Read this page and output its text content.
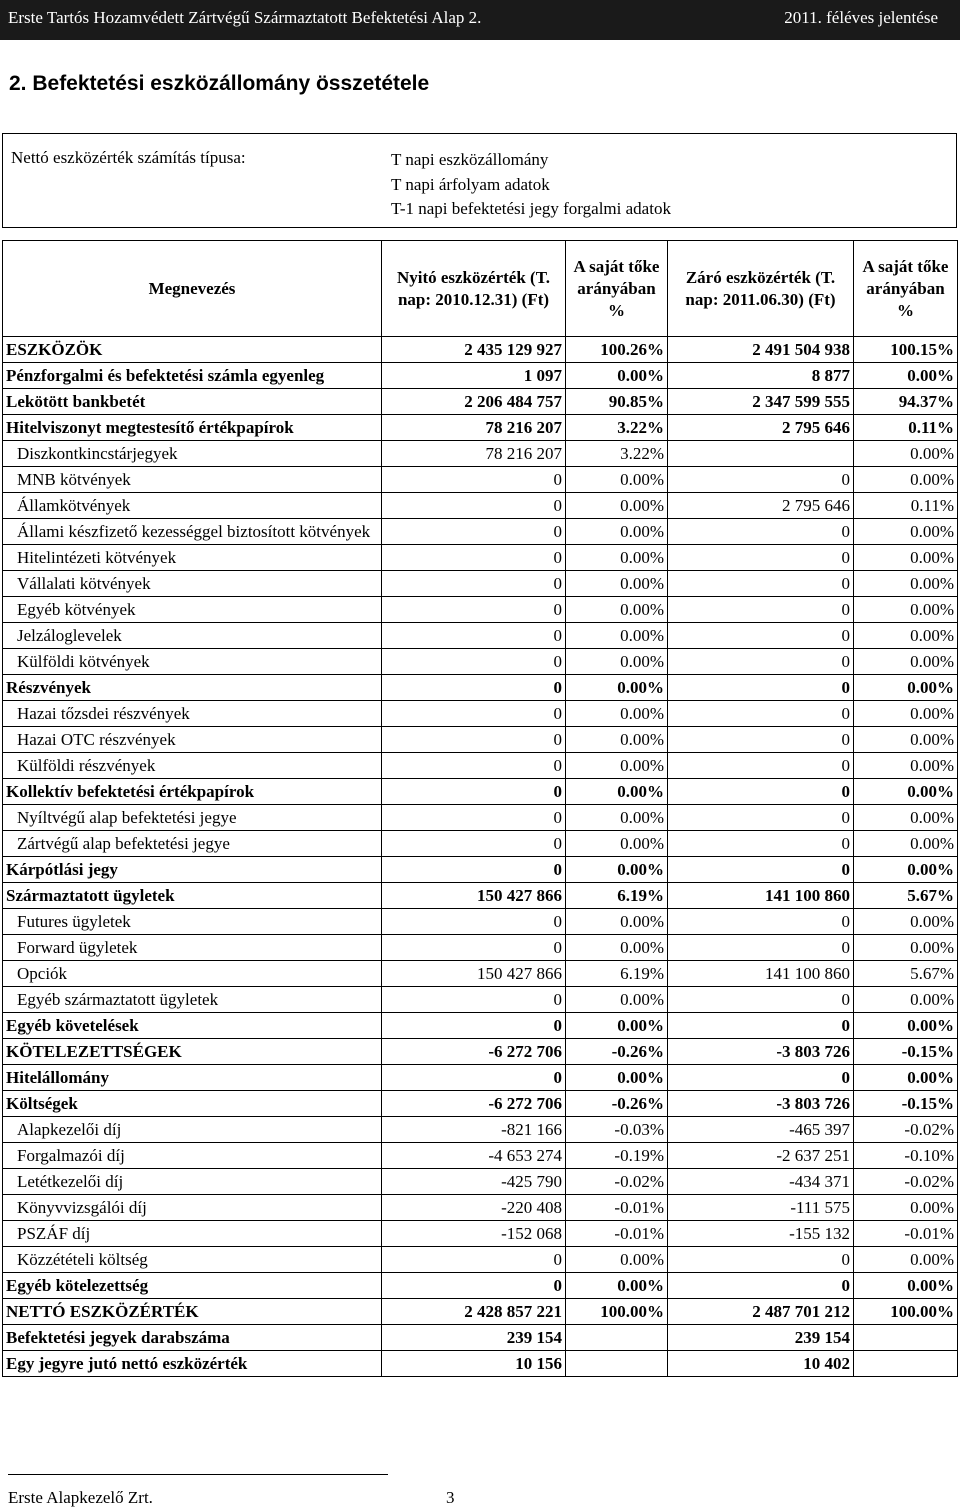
Erste Tartós Hozamvédett Zártvégű Származtatott Befektetési Alap 2.	2011. féléves jelentése
2. Befektetési eszközállomány összetétele
Nettó eszközérték számítás típusa:	T napi eszközállomány
T napi árfolyam adatok
T-1 napi befektetési jegy forgalmi adatok
Megnevezés	Nyitó eszközérték (T. nap: 2010.12.31) (Ft)	A saját tőke arányában %	Záró eszközérték (T. nap: 2011.06.30) (Ft)	A saját tőke arányában %
ESZKÖZÖK	2 435 129 927	100.26%	2 491 504 938	100.15%
Pénzforgalmi és befektetési számla egyenleg	1 097	0.00%	8 877	0.00%
Lekötött bankbetét	2 206 484 757	90.85%	2 347 599 555	94.37%
Hitelviszonyt megtestesítő értékpapírok	78 216 207	3.22%	2 795 646	0.11%
Diszkontkincstárjegyek	78 216 207	3.22%		0.00%
MNB kötvények	0	0.00%	0	0.00%
Államkötvények	0	0.00%	2 795 646	0.11%
Állami készfizető kezességgel biztosított kötvények	0	0.00%	0	0.00%
Hitelintézeti kötvények	0	0.00%	0	0.00%
Vállalati kötvények	0	0.00%	0	0.00%
Egyéb kötvények	0	0.00%	0	0.00%
Jelzáloglevelek	0	0.00%	0	0.00%
Külföldi kötvények	0	0.00%	0	0.00%
Részvények	0	0.00%	0	0.00%
Hazai tőzsdei részvények	0	0.00%	0	0.00%
Hazai OTC részvények	0	0.00%	0	0.00%
Külföldi részvények	0	0.00%	0	0.00%
Kollektív befektetési értékpapírok	0	0.00%	0	0.00%
Nyíltvégű alap befektetési jegye	0	0.00%	0	0.00%
Zártvégű alap befektetési jegye	0	0.00%	0	0.00%
Kárpótlási jegy	0	0.00%	0	0.00%
Származtatott ügyletek	150 427 866	6.19%	141 100 860	5.67%
Futures ügyletek	0	0.00%	0	0.00%
Forward ügyletek	0	0.00%	0	0.00%
Opciók	150 427 866	6.19%	141 100 860	5.67%
Egyéb származtatott ügyletek	0	0.00%	0	0.00%
Egyéb követelések	0	0.00%	0	0.00%
KÖTELEZETTSÉGEK	-6 272 706	-0.26%	-3 803 726	-0.15%
Hitelállomány	0	0.00%	0	0.00%
Költségek	-6 272 706	-0.26%	-3 803 726	-0.15%
Alapkezelői díj	-821 166	-0.03%	-465 397	-0.02%
Forgalmazói díj	-4 653 274	-0.19%	-2 637 251	-0.10%
Letétkezelői díj	-425 790	-0.02%	-434 371	-0.02%
Könyvvizsgálói díj	-220 408	-0.01%	-111 575	0.00%
PSZÁF díj	-152 068	-0.01%	-155 132	-0.01%
Közzétételi költség	0	0.00%	0	0.00%
Egyéb kötelezettség	0	0.00%	0	0.00%
NETTÓ ESZKÖZÉRTÉK	2 428 857 221	100.00%	2 487 701 212	100.00%
Befektetési jegyek darabszáma	239 154		239 154	
Egy jegyre jutó nettó eszközérték	10 156		10 402	
Erste Alapkezelő Zrt.	3
